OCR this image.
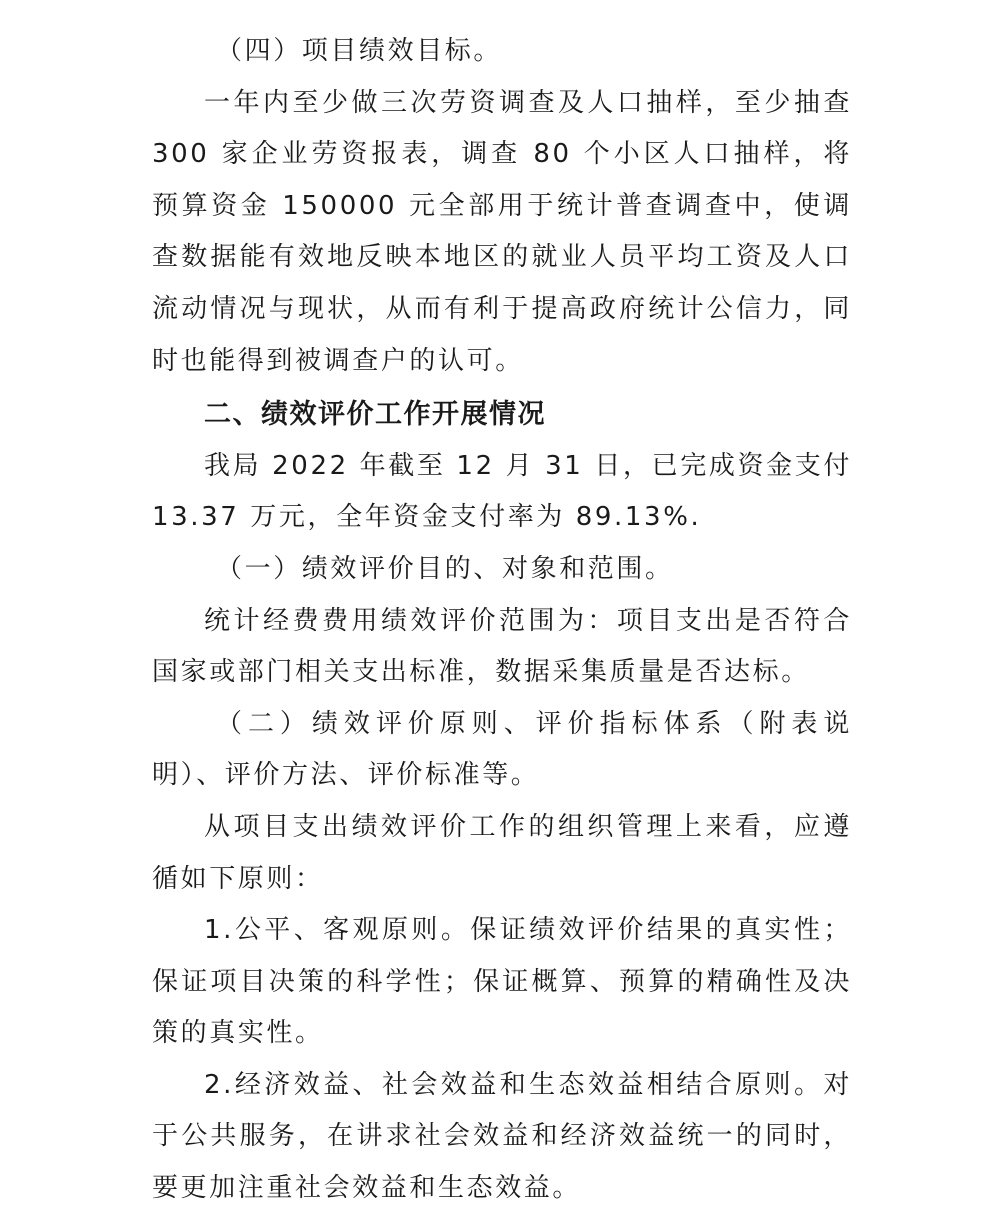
（四）项目绩效目标。

一年内至少做三次劳资调查及人口抽样，至少抽查 300 家企业劳资报表，调查 80 个小区人口抽样，将预算资金 150000 元全部用于统计普查调查中，使调查数据能有效地反映本地区的就业人员平均工资及人口流动情况与现状，从而有利于提高政府统计公信力，同时也能得到被调查户的认可。

二、绩效评价工作开展情况

我局 2022 年截至 12 月 31 日，已完成资金支付 13.37 万元，全年资金支付率为 89.13%.

（一）绩效评价目的、对象和范围。

统计经费费用绩效评价范围为：项目支出是否符合国家或部门相关支出标准，数据采集质量是否达标。

（二）绩效评价原则、评价指标体系（附表说明）、评价方法、评价标准等。

从项目支出绩效评价工作的组织管理上来看，应遵循如下原则：

1.公平、客观原则。保证绩效评价结果的真实性；保证项目决策的科学性；保证概算、预算的精确性及决策的真实性。

2.经济效益、社会效益和生态效益相结合原则。对于公共服务，在讲求社会效益和经济效益统一的同时，要更加注重社会效益和生态效益。
